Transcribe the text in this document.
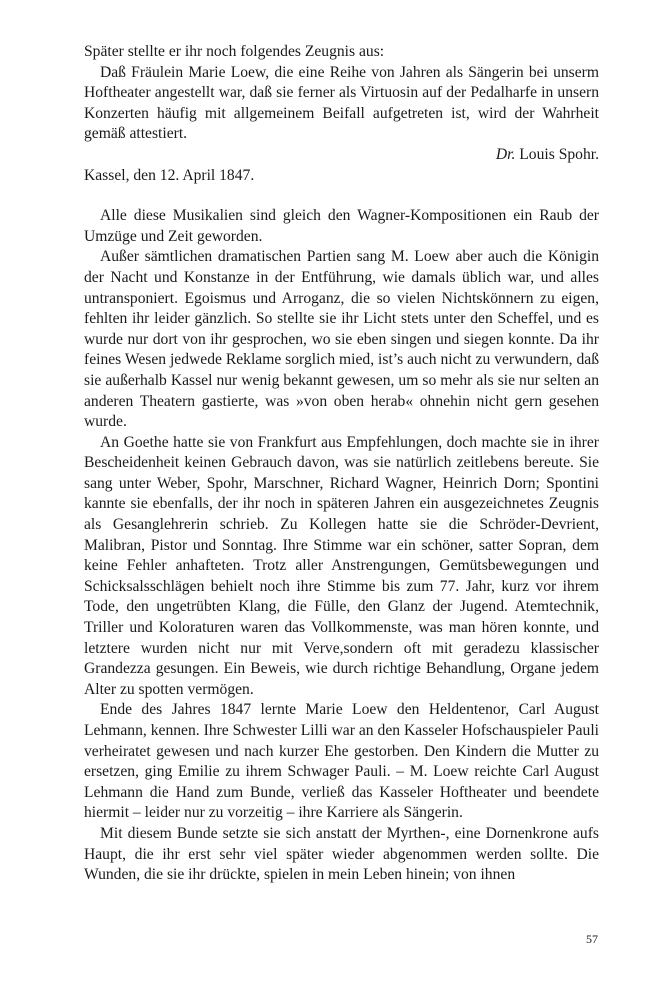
Später stellte er ihr noch folgendes Zeugnis aus:

Daß Fräulein Marie Loew, die eine Reihe von Jahren als Sängerin bei unserm Hoftheater angestellt war, daß sie ferner als Virtuosin auf der Pedalharfe in unsern Konzerten häufig mit allgemeinem Beifall aufgetreten ist, wird der Wahrheit gemäß attestiert.

Dr. Louis Spohr.

Kassel, den 12. April 1847.

Alle diese Musikalien sind gleich den Wagner-Kompositionen ein Raub der Umzüge und Zeit geworden.

Außer sämtlichen dramatischen Partien sang M. Loew aber auch die Königin der Nacht und Konstanze in der Entführung, wie damals üblich war, und alles untransponiert. Egoismus und Arroganz, die so vielen Nichtskönnern zu eigen, fehlten ihr leider gänzlich. So stellte sie ihr Licht stets unter den Scheffel, und es wurde nur dort von ihr gesprochen, wo sie eben singen und siegen konnte. Da ihr feines Wesen jedwede Reklame sorglich mied, ist’s auch nicht zu verwundern, daß sie außerhalb Kassel nur wenig bekannt gewesen, um so mehr als sie nur selten an anderen Theatern gastierte, was »von oben herab« ohnehin nicht gern gesehen wurde.

An Goethe hatte sie von Frankfurt aus Empfehlungen, doch machte sie in ihrer Bescheidenheit keinen Gebrauch davon, was sie natürlich zeitlebens bereute. Sie sang unter Weber, Spohr, Marschner, Richard Wagner, Heinrich Dorn; Spontini kannte sie ebenfalls, der ihr noch in späteren Jahren ein ausgezeichnetes Zeugnis als Gesanglehrerin schrieb. Zu Kollegen hatte sie die Schröder-Devrient, Malibran, Pistor und Sonntag. Ihre Stimme war ein schöner, satter Sopran, dem keine Fehler anhafteten. Trotz aller Anstrengungen, Gemütsbewegungen und Schicksalsschlägen behielt noch ihre Stimme bis zum 77. Jahr, kurz vor ihrem Tode, den ungetrübten Klang, die Fülle, den Glanz der Jugend. Atemtechnik, Triller und Koloraturen waren das Vollkommenste, was man hören konnte, und letztere wurden nicht nur mit Verve,sondern oft mit geradezu klassischer Grandezza gesungen. Ein Beweis, wie durch richtige Behandlung, Organe jedem Alter zu spotten vermögen.

Ende des Jahres 1847 lernte Marie Loew den Heldentenor, Carl August Lehmann, kennen. Ihre Schwester Lilli war an den Kasseler Hofschauspieler Pauli verheiratet gewesen und nach kurzer Ehe gestorben. Den Kindern die Mutter zu ersetzen, ging Emilie zu ihrem Schwager Pauli. – M. Loew reichte Carl August Lehmann die Hand zum Bunde, verließ das Kasseler Hoftheater und beendete hiermit – leider nur zu vorzeitig – ihre Karriere als Sängerin.

Mit diesem Bunde setzte sie sich anstatt der Myrthen-, eine Dornenkrone aufs Haupt, die ihr erst sehr viel später wieder abgenommen werden sollte. Die Wunden, die sie ihr drückte, spielen in mein Leben hinein; von ihnen

57
